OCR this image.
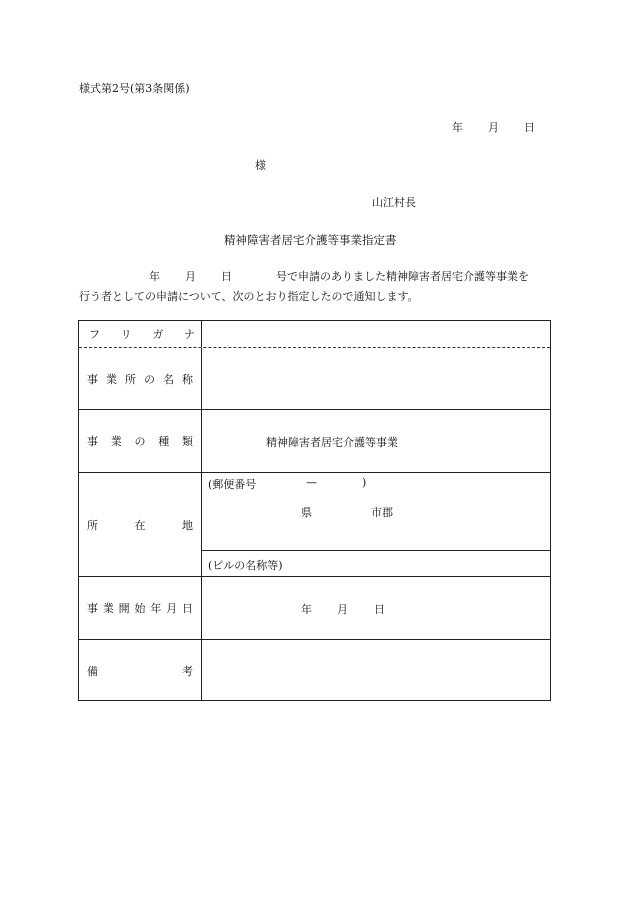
様式第2号(第3条関係)
年 月 日
様
山江村長
精神障害者居宅介護等事業指定書
年 月 日	号で申請のありました精神障害者居宅介護等事業を
行う者としての申請について、次のとおり指定したので通知します。
フ リ ガ ナ
事 業 所 の 名 称
事 業 の 種 類	精神障害者居宅介護等事業
所	在	地
(郵便番号	—	)
県	市郡
(ビルの名称等)
事 業 開 始 年 月 日	年 月 日
備	考
